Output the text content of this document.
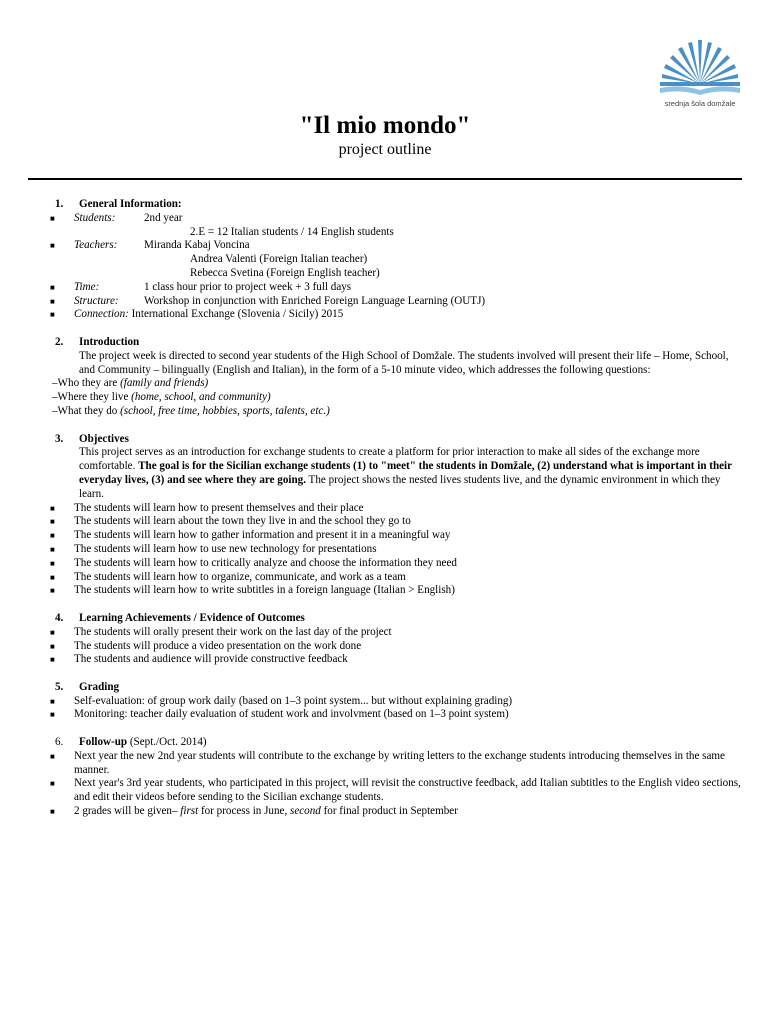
srednja šola domžale
"Il mio mondo"
project outline
1.	General Information:
■	Students:	2nd year
2.E = 12 Italian students / 14 English students
■	Teachers:	Miranda Kabaj Voncina
Andrea Valenti (Foreign Italian teacher)
Rebecca Svetina (Foreign English teacher)
■	Time:	1 class hour prior to project week + 3 full days
■	Structure:	Workshop in conjunction with Enriched Foreign Language Learning (OUTJ)
■	Connection: International Exchange (Slovenia / Sicily) 2015
2.	Introduction
The project week is directed to second year students of the High School of Domžale. The students involved will present their life – Home, School, and Community – bilingually (English and Italian), in the form of a 5-10 minute video, which addresses the following questions:
–Who they are (family and friends)
–Where they live (home, school, and community)
–What they do (school, free time, hobbies, sports, talents, etc.)
3.	Objectives
This project serves as an introduction for exchange students to create a platform for prior interaction to make all sides of the exchange more comfortable. The goal is for the Sicilian exchange students (1) to "meet" the students in Domžale, (2) understand what is important in their everyday lives, (3) and see where they are going. The project shows the nested lives students live, and the dynamic environment in which they learn.
■	The students will learn how to present themselves and their place
■	The students will learn about the town they live in and the school they go to
■	The students will learn how to gather information and present it in a meaningful way
■	The students will learn how to use new technology for presentations
■	The students will learn how to critically analyze and choose the information they need
■	The students will learn how to organize, communicate, and work as a team
■	The students will learn how to write subtitles in a foreign language (Italian > English)
4.	Learning Achievements / Evidence of Outcomes
■	The students will orally present their work on the last day of the project
■	The students will produce a video presentation on the work done
■	The students and audience will provide constructive feedback
5.	Grading
■	Self-evaluation: of group work daily (based on 1–3 point system... but without explaining grading)
■	Monitoring: teacher daily evaluation of student work and involvment (based on 1–3 point system)
6.	Follow-up (Sept./Oct. 2014)
■	Next year the new 2nd year students will contribute to the exchange by writing letters to the exchange students introducing themselves in the same manner.
■	Next year's 3rd year students, who participated in this project, will revisit the constructive feedback, add Italian subtitles to the English video sections, and edit their videos before sending to the Sicilian exchange students.
■	2 grades will be given– first for process in June, second for final product in September
